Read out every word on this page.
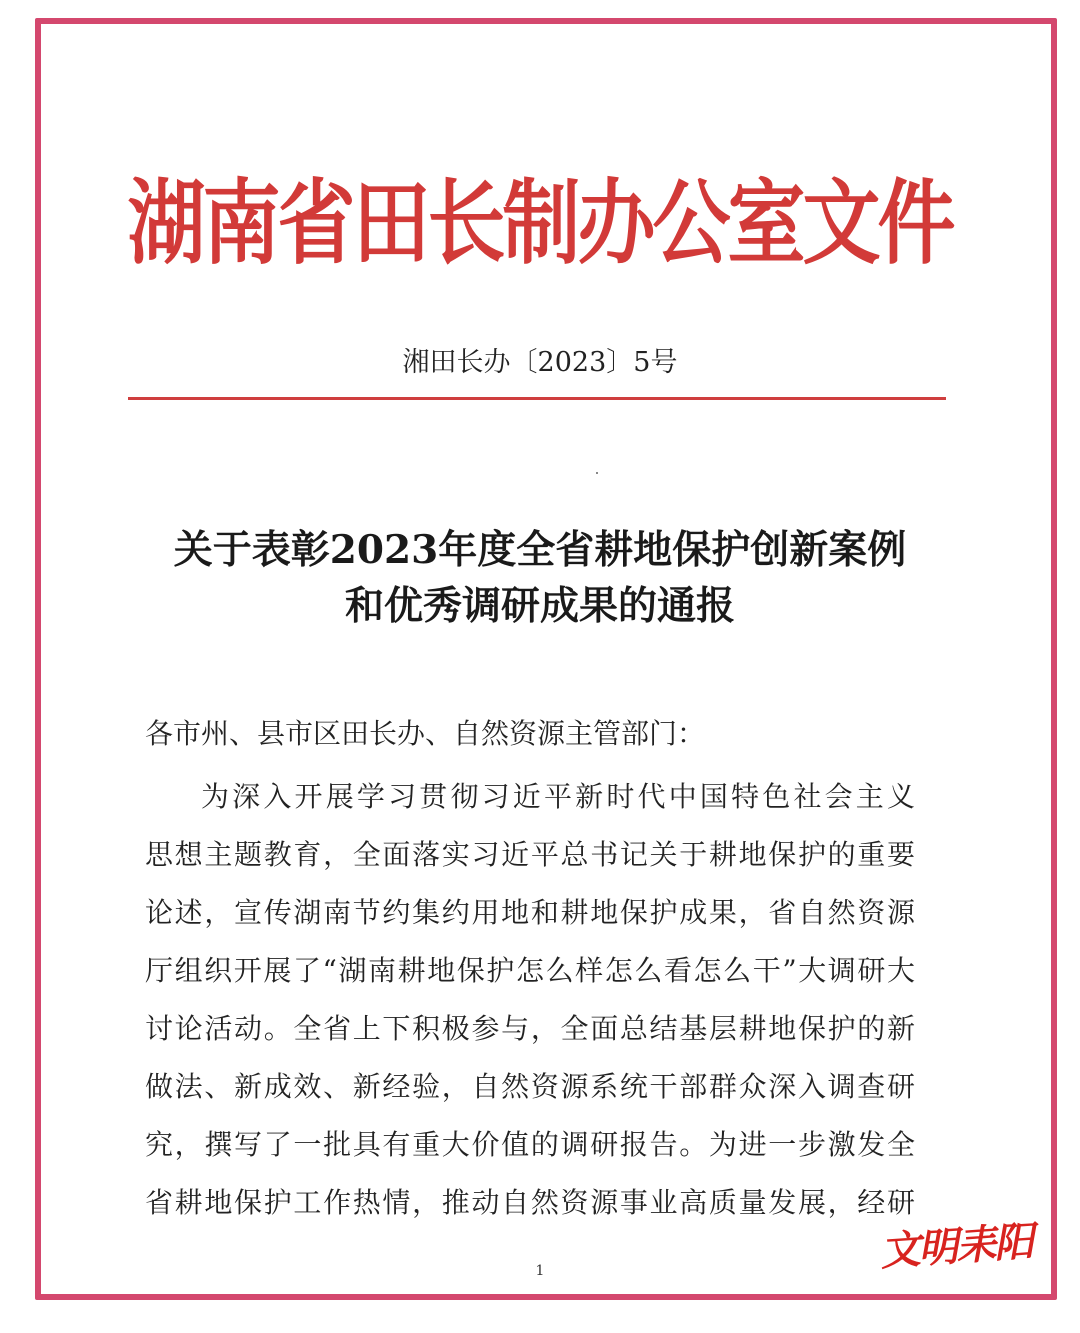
湖南省田长制办公室文件
湘田长办〔2023〕5号
关于表彰2023年度全省耕地保护创新案例
和优秀调研成果的通报
各市州、县市区田长办、自然资源主管部门：
为深入开展学习贯彻习近平新时代中国特色社会主义
思想主题教育，全面落实习近平总书记关于耕地保护的重要
论述，宣传湖南节约集约用地和耕地保护成果，省自然资源
厅组织开展了“湖南耕地保护怎么样怎么看怎么干”大调研大
讨论活动。全省上下积极参与，全面总结基层耕地保护的新
做法、新成效、新经验，自然资源系统干部群众深入调查研
究，撰写了一批具有重大价值的调研报告。为进一步激发全
省耕地保护工作热情，推动自然资源事业高质量发展，经研
文明耒阳
1
